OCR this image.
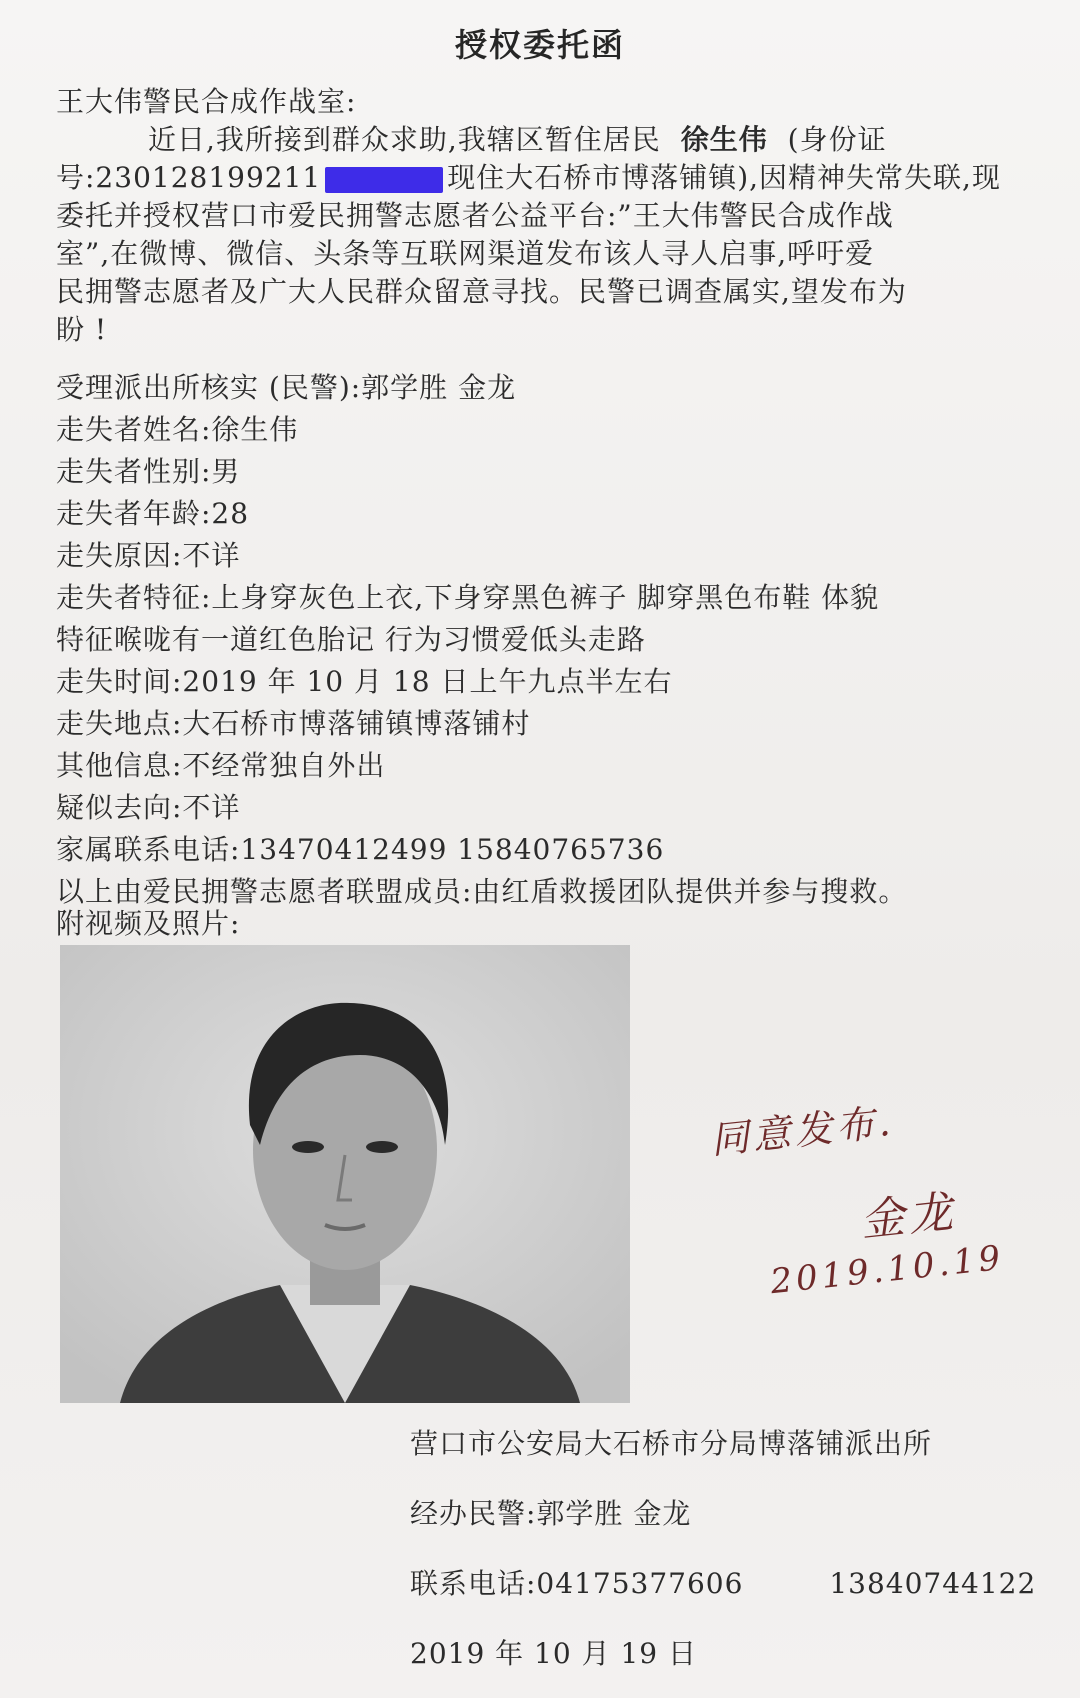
授权委托函
王大伟警民合成作战室:
近日,我所接到群众求助,我辖区暂住居民 徐生伟 (身份证
号:230128199211	现住大石桥市博落铺镇),因精神失常失联,现
委托并授权营口市爱民拥警志愿者公益平台:”王大伟警民合成作战
室”,在微博、微信、头条等互联网渠道发布该人寻人启事,呼吁爱
民拥警志愿者及广大人民群众留意寻找。民警已调查属实,望发布为
盼 !
受理派出所核实 (民警):郭学胜 金龙
走失者姓名:徐生伟
走失者性别:男
走失者年龄:28
走失原因:不详
走失者特征:上身穿灰色上衣,下身穿黑色裤子 脚穿黑色布鞋 体貌
特征喉咙有一道红色胎记 行为习惯爱低头走路
走失时间:2019 年 10 月 18 日上午九点半左右
走失地点:大石桥市博落铺镇博落铺村
其他信息:不经常独自外出
疑似去向:不详
家属联系电话:13470412499 15840765736
以上由爱民拥警志愿者联盟成员:由红盾救援团队提供并参与搜救。
附视频及照片:
同意发布.
金龙
2019.10.19
营口市公安局大石桥市分局博落铺派出所
经办民警:郭学胜 金龙
联系电话:04175377606	13840744122
2019 年 10 月 19 日
